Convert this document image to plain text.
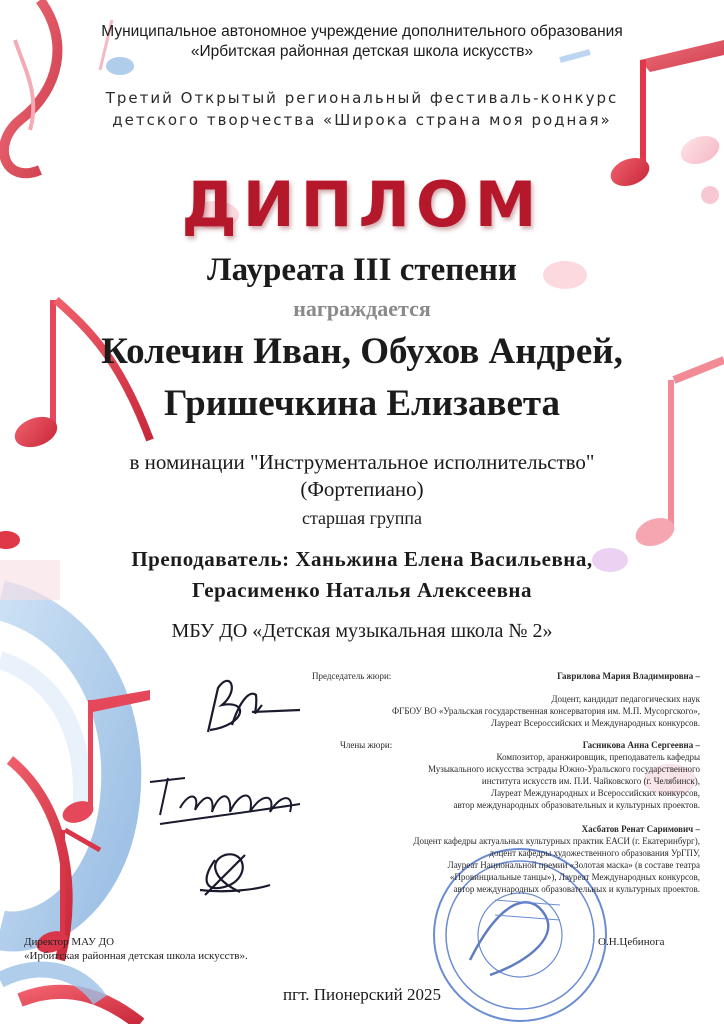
Муниципальное автономное учреждение дополнительного образования

«Ирбитская районная детская школа искусств»

Третий Открытый региональный фестиваль-конкурс

детского творчества «Широка страна моя родная»

ДИПЛОМ

Лауреата III степени

награждается

Колечин Иван, Обухов Андрей,

Гришечкина Елизавета

в номинации "Инструментальное исполнительство"

(Фортепиано)

старшая группа

Преподаватель: Ханьжина Елена Васильевна,

Герасименко Наталья Алексеевна

МБУ ДО «Детская музыкальная школа № 2»

Председатель жюри:	Гаврилова Мария Владимировна –

Доцент, кандидат педагогических наук

ФГБОУ ВО «Уральская государственная консерватория им. М.П. Мусоргского»,

Лауреат Всероссийских и Международных конкурсов.

Члены жюри:	Гасникова Анна Сергеевна –

Композитор, аранжировщик, преподаватель кафедры

Музыкального искусства эстрады Южно-Уральского государственного

института искусств им. П.И. Чайковского (г. Челябинск),

Лауреат Международных и Всероссийских конкурсов,

автор международных образовательных и культурных проектов.

Хасбатов Ренат Саримович –

Доцент кафедры актуальных культурных практик ЕАСИ (г. Екатеринбург),

доцент кафедры художественного образования УрГПУ,

Лауреат Национальной премии «Золотая маска» (в составе театра

«Провинциальные танцы»), Лауреат Международных конкурсов,

автор международных образовательных и культурных проектов.

Директор МАУ ДО

«Ирбитская районная детская школа искусств».

О.Н.Цебинога

пгт. Пионерский 2025
